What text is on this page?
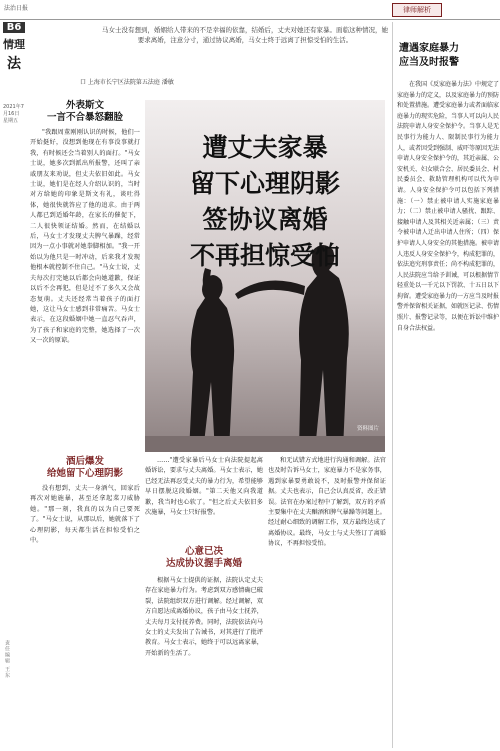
法治日报	律师解析
B6
情理
法
2021年7月16日
星期五
马女士没有想到，婚姻给人带来的不是幸福的依靠，结婚后，丈夫对她还有家暴。面临这种情况，她要求离婚，注意分寸，通过协议离婚，马女士终于远离了担惊受怕的生活。
口 上海市长宁区法院第五法庭 潘敏
责任编辑 王东
外表斯文
一言不合暴怒翻脸

"我跟周董刚刚认识的时候，他们一开始挺好，没想到他现在有事没事就打我，有时候还会当着别人的面打。"马女士说，她多次到派出所报警，还叫了亲戚朋友来劝说，但丈夫依旧如此。马女士说，她们是在经人介绍认识的，当时对方给她的印象是斯文有礼，谈吐得体，她很快就答应了他的追求。由于两人都已到适婚年龄，在家长的催促下，二人很快领证结婚。然而，在结婚以后，马女士才发现丈夫脾气暴躁，经常因为一点小事就对她拳脚相加。"我一开始以为他只是一时冲动，后来我才发现他根本就控制不住自己。"马女士说，丈夫每次打完她以后都会向她道歉，保证以后不会再犯，但是过不了多久又会故态复萌。丈夫还经常当着孩子的面打她，这让马女士感到非常痛苦。马女士表示，在这段婚姻中她一直忍气吞声，为了孩子和家庭的完整，她选择了一次又一次的原谅。

酒后爆发
给她留下心理阴影

没有想到，丈夫一身酒气，回家后再次对她施暴，甚至还拿起菜刀威胁她。"那一刻，我真的以为自己要死了。"马女士说，从那以后，她就落下了心理阴影，每天都生活在担惊受怕之中。

遭丈夫家暴
留下心理阴影
签协议离婚
不再担惊受怕
资料图片

……"遭受家暴后马女士向法院提起离婚诉讼，要求与丈夫离婚。马女士表示，她已经无法再忍受丈夫的暴力行为，希望能够早日摆脱这段婚姻。"第二天他又向我道歉，我当时也心软了。"但之后丈夫依旧多次施暴，马女士只好报警。

心意已决
达成协议握手离婚

根据马女士提供的证据，法院认定丈夫存在家庭暴力行为。考虑到双方感情确已破裂，法院组织双方进行调解。经过调解，双方自愿达成离婚协议，孩子由马女士抚养，丈夫每月支付抚养费。同时，法院依法向马女士的丈夫发出了告诫书，对其进行了批评教育。马女士表示，她终于可以远离家暴，开始新的生活了。

和无试错方式地进行沟通和调解。法官也及时告诉马女士，家庭暴力不是家务事，遇到家暴要勇敢说不，及时报警并保留证据。丈夫也表示，自己会认真反省，改正错误。法官在办案过程中了解到，双方的矛盾主要集中在丈夫酗酒和脾气暴躁等问题上。经过耐心细致的调解工作，双方最终达成了离婚协议。最终，马女士与丈夫签订了离婚协议，不再担惊受怕。

遭遇家庭暴力
应当及时报警

在我国《反家庭暴力法》中规定了家庭暴力的定义，以及家庭暴力的预防和处置措施。遭受家庭暴力或者面临家庭暴力的现实危险，当事人可以向人民法院申请人身安全保护令。当事人是无民事行为能力人、限制民事行为能力人，或者因受到强制、威吓等原因无法申请人身安全保护令的，其近亲属、公安机关、妇女联合会、居民委员会、村民委员会、救助管理机构可以代为申请。人身安全保护令可以包括下列措施：（一）禁止被申请人实施家庭暴力；（二）禁止被申请人骚扰、跟踪、接触申请人及其相关近亲属；（三）责令被申请人迁出申请人住所；（四）保护申请人人身安全的其他措施。被申请人违反人身安全保护令，构成犯罪的，依法追究刑事责任；尚不构成犯罪的，人民法院应当给予训诫，可以根据情节轻重处以一千元以下罚款、十五日以下拘留。遭受家庭暴力的一方应当及时报警并保留相关证据，如就医记录、伤情照片、报警记录等，以便在诉讼中维护自身合法权益。
